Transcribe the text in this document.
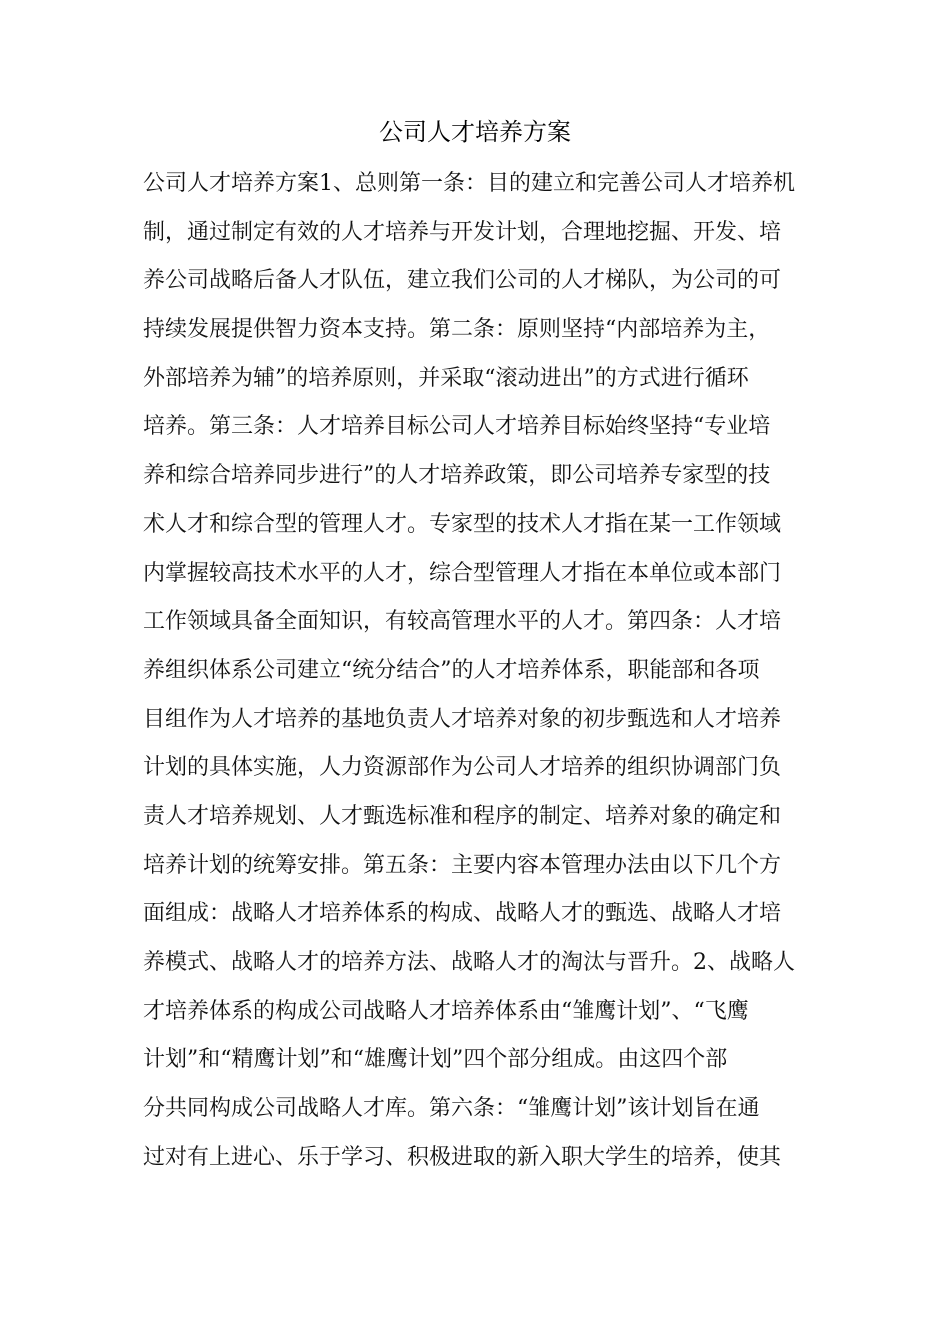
公司人才培养方案
公司人才培养方案1、总则第一条：目的建立和完善公司人才培养机
制，通过制定有效的人才培养与开发计划，合理地挖掘、开发、培
养公司战略后备人才队伍，建立我们公司的人才梯队，为公司的可
持续发展提供智力资本支持。第二条：原则坚持“内部培养为主，
外部培养为辅”的培养原则，并采取“滚动进出”的方式进行循环
培养。第三条：人才培养目标公司人才培养目标始终坚持“专业培
养和综合培养同步进行”的人才培养政策，即公司培养专家型的技
术人才和综合型的管理人才。专家型的技术人才指在某一工作领域
内掌握较高技术水平的人才，综合型管理人才指在本单位或本部门
工作领域具备全面知识，有较高管理水平的人才。第四条：人才培
养组织体系公司建立“统分结合”的人才培养体系，职能部和各项
目组作为人才培养的基地负责人才培养对象的初步甄选和人才培养
计划的具体实施，人力资源部作为公司人才培养的组织协调部门负
责人才培养规划、人才甄选标准和程序的制定、培养对象的确定和
培养计划的统筹安排。第五条：主要内容本管理办法由以下几个方
面组成：战略人才培养体系的构成、战略人才的甄选、战略人才培
养模式、战略人才的培养方法、战略人才的淘汰与晋升。2、战略人
才培养体系的构成公司战略人才培养体系由“雏鹰计划”、“飞鹰
计划”和“精鹰计划”和“雄鹰计划”四个部分组成。由这四个部
分共同构成公司战略人才库。第六条：“雏鹰计划”该计划旨在通
过对有上进心、乐于学习、积极进取的新入职大学生的培养，使其
